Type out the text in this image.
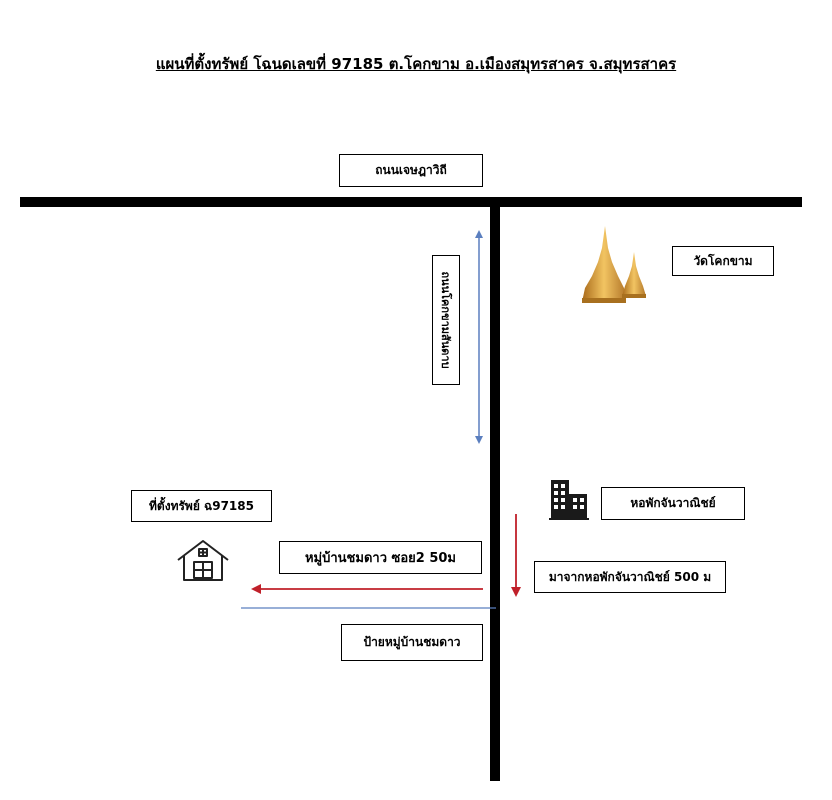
แผนที่ตั้งทรัพย์ โฉนดเลขที่ 97185 ต.โคกขาม อ.เมืองสมุทรสาคร จ.สมุทรสาคร
ถนนเจษฎาวิถี
ถนนโคกขามสันดาบ
วัดโคกขาม
หอพักจันวาณิชย์
มาจากหอพักจันวาณิชย์ 500 ม
หมู่บ้านชมดาว ซอย2 50ม
ที่ตั้งทรัพย์ ฉ97185
ป้ายหมู่บ้านชมดาว
